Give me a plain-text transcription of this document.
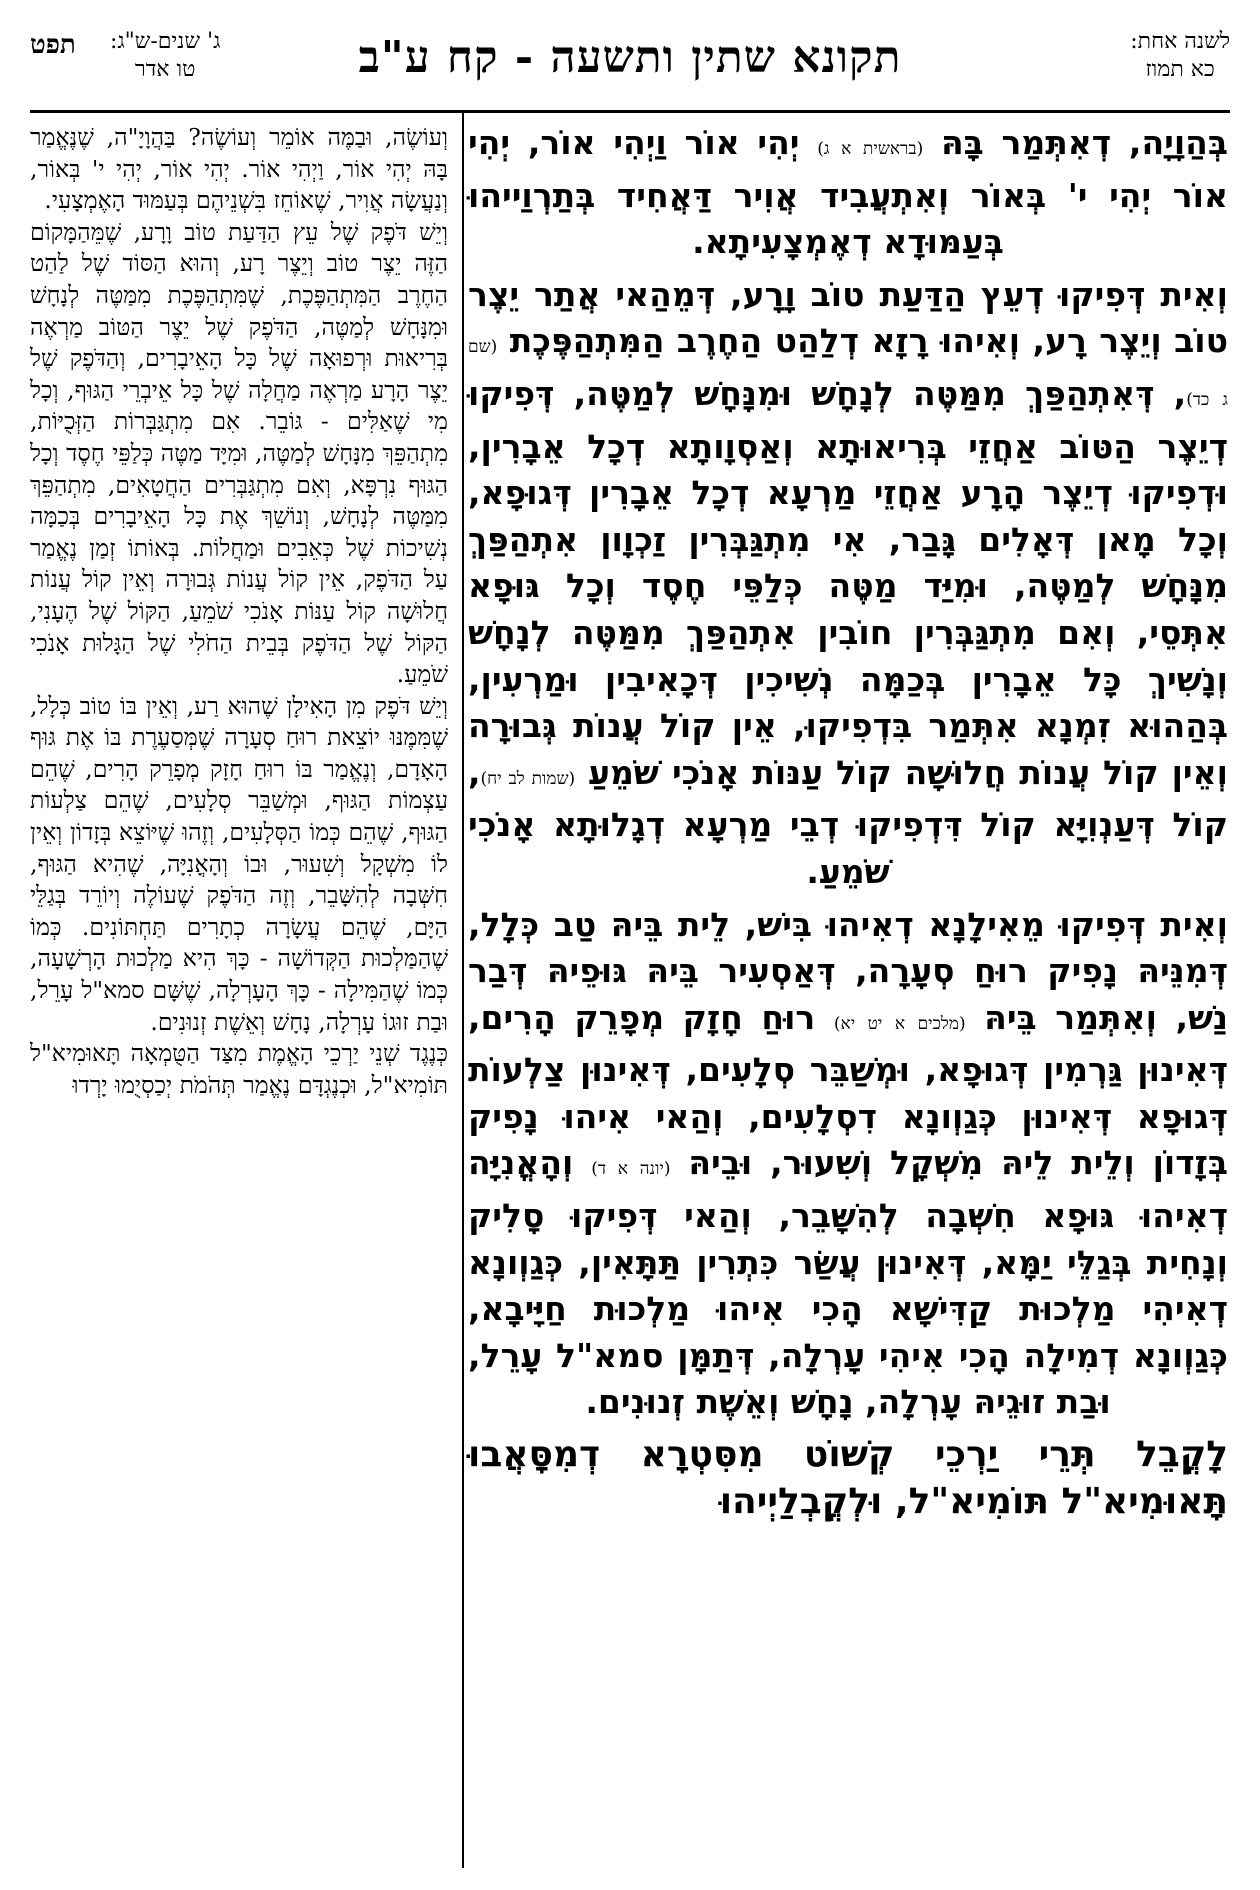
לשנה אחת:
כא תמוז
תקונא שתין ותשעה - קח ע"ב
ג' שנים-ש"ג:
טו אדר
תפט

בְּהַוָיָה, דְאִתְּמַר בָּהּ (בראשית א ג) יְהִי אוֹר וַיְהִי אוֹר, יְהִי אוֹר יְהִי י' בְּאוֹר וְאִתְעֲבִיד אֲוִיר דַּאֲחִיד בְּתַרְוַייהוּ בְּעַמּוּדָא דְאֶמְצָעִיתָא.

וְאִית דְּפִיקוּ דְעֵץ הַדַּעַת טוֹב וָרָע, דְּמֵהַאי אֲתַר יֵצֶר טוֹב וְיֵצֶר רָע, וְאִיהוּ רָזָא דְלַהַט הַחֶרֶב הַמִּתְהַפֶּכֶת (שם ג כד), דְּאִתְהַפַּךְ מִמַּטֶּה לְנָחָשׁ וּמִנָּחָשׁ לְמַטֶּה, דְּפִיקוּ דְיֵצֶר הַטּוֹב אַחֲזֵי בְּרִיאוּתָא וְאַסְוָותָא דְכָל אֵבָרִין, וּדְפִיקוּ דְיֵצֶר הָרָע אַחֲזֵי מַרְעָא דְכָל אֵבָרִין דְּגוּפָא, וְכָל מָאן דְּאָלִים גָּבַר, אִי מִתְגַּבְּרִין זַכְוָון אִתְהַפַּךְ מִנָּחָשׁ לְמַטֶּה, וּמִיַּד מַטֶּה כְּלַפֵּי חֶסֶד וְכָל גּוּפָא אִתְּסֵי, וְאִם מִתְגַּבְּרִין חוֹבִין אִתְהַפַּךְ מִמַּטֶּה לְנָחָשׁ וְנָשִׁיךְ כָּל אֵבָרִין בְּכַמָּה נְשִׁיכִין דְּכָאִיבִין וּמַרְעִין, בְּהַהוּא זִמְנָא אִתְּמַר בִּדְפִיקוּ, אֵין קוֹל עֲנוֹת גְּבוּרָה וְאֵין קוֹל עֲנוֹת חֲלוּשָׁה קוֹל עַנּוֹת אָנֹכִי שֹׁמֵעַ (שמות לב יח), קוֹל דְּעַנְוִיָּא קוֹל דִּדְפִיקוּ דְבֵי מַרְעָא דְגָלוּתָא אָנֹכִי שֹׁמֵעַ.

וְאִית דְּפִיקוּ מֵאִילָנָא דְאִיהוּ בִּישׁ, לֵית בֵּיהּ טַב כְּלָל, דְּמִנֵּיהּ נָפִיק רוּחַ סְעָרָה, דְּאַסְעִיר בֵּיהּ גּוּפֵיהּ דְּבַר נַשׁ, וְאִתְּמַר בֵּיהּ (מלכים א יט יא) רוּחַ חָזָק מְפָרֵק הָרִים, דְּאִינוּן גַּרְמִין דְּגוּפָא, וּמְשַׁבֵּר סְלָעִים, דְּאִינוּן צַלְעוֹת דְּגוּפָא דְּאִינוּן כְּגַוְונָא דִסְלָעִים, וְהַאי אִיהוּ נָפִיק בְּזָדוֹן וְלֵית לֵיהּ מִשְׁקָל וְשִׁעוּר, וּבֵיהּ (יונה א ד) וְהָאֳנִיָּה דְאִיהוּ גּוּפָא חִשְּׁבָה לְהִשָּׁבֵר, וְהַאי דְּפִיקוּ סָלִיק וְנָחִית בְּגַלֵּי יַמָּא, דְּאִינוּן עֲשַׂר כִּתְרִין תַּתָּאִין, כְּגַוְונָא דְאִיהִי מַלְכוּת קַדִּישָׁא הָכִי אִיהוּ מַלְכוּת חַיָּיבָא, כְּגַוְונָא דְמִילָה הָכִי אִיהִי עָרְלָה, דְּתַמָּן סמא"ל עָרֵל, וּבַת זוּגֵיהּ עָרְלָה, נָחָשׁ וְאֵשֶׁת זְנוּנִים.

לָקֳבֵל תְּרֵי יַרְכֵי קְשׁוֹט מִסִּטְרָא דְמִסָּאֲבוּ תָּאוּמִיא"ל תּוֹמִיא"ל, וּלְקֳבְלַיְיהוּ

וְעוֹשֶׂה, וּבַמֶּה אוֹמֵר וְעוֹשֶׂה? בַּהֲוָיָ"ה, שֶׁנֶּאֱמַר בָּהּ יְהִי אוֹר, וַיְהִי אוֹר. יְהִי אוֹר, יְהִי י' בְּאוֹר, וְנַעֲשָׂה אֲוִיר, שֶׁאוֹחֵז בִּשְׁנֵיהֶם בְּעַמּוּד הָאֶמְצָעִי.

וְיֵשׁ דֹּפֶק שֶׁל עֵץ הַדַּעַת טוֹב וָרָע, שֶׁמֵּהַמָּקוֹם הַזֶּה יֵצֶר טוֹב וְיֵצֶר רָע, וְהוּא הַסּוֹד שֶׁל לַהַט הַחֶרֶב הַמִּתְהַפֶּכֶת, שֶׁמִּתְהַפֶּכֶת מִמַּטֶּה לְנָחָשׁ וּמִנָּחָשׁ לְמַטֶּה, הַדֹּפֶק שֶׁל יֵצֶר הַטּוֹב מַרְאֶה בְּרִיאוּת וּרְפוּאָה שֶׁל כָּל הָאֵיבָרִים, וְהַדֹּפֶק שֶׁל יֵצֶר הָרָע מַרְאֶה מַחֲלָה שֶׁל כָּל אֵיבְרֵי הַגּוּף, וְכָל מִי שֶׁאַלִּים - גּוֹבֵר. אִם מִתְגַּבְּרוֹת הַזְּכֻיּוֹת, מִתְהַפֵּךְ מִנָּחָשׁ לְמַטֶּה, וּמִיָּד מַטֶּה כְּלַפֵּי חֶסֶד וְכָל הַגּוּף נִרְפָּא, וְאִם מִתְגַּבְּרִים הַחֲטָאִים, מִתְהַפֵּךְ מִמַּטֶּה לְנָחָשׁ, וְנוֹשֵׁךְ אֶת כָּל הָאֵיבָרִים בְּכַמָּה נְשִׁיכוֹת שֶׁל כְּאֵבִים וּמַחֲלוֹת. בְּאוֹתוֹ זְמַן נֶאֱמַר עַל הַדֹּפֶק, אֵין קוֹל עֲנוֹת גְּבוּרָה וְאֵין קוֹל עֲנוֹת חֲלוּשָׁה קוֹל עַנּוֹת אָנֹכִי שֹׁמֵעַ, הַקּוֹל שֶׁל הֶעָנִי, הַקּוֹל שֶׁל הַדֹּפֶק בְּבֵית הַחֹלִי שֶׁל הַגָּלוּת אָנֹכִי שֹׁמֵעַ.

וְיֵשׁ דֹּפֶק מִן הָאִילָן שֶׁהוּא רַע, וְאֵין בּוֹ טוֹב כְּלָל, שֶׁמִּמֶּנּוּ יוֹצֵאת רוּחַ סְעָרָה שֶׁמְּסַעֶרֶת בּוֹ אֶת גּוּף הָאָדָם, וְנֶאֱמַר בּוֹ רוּחַ חָזָק מְפָרֵק הָרִים, שֶׁהֵם עַצְמוֹת הַגּוּף, וּמְשַׁבֵּר סְלָעִים, שֶׁהֵם צַלְעוֹת הַגּוּף, שֶׁהֵם כְּמוֹ הַסְּלָעִים, וְזֶהוּ שֶׁיּוֹצֵא בְּזָדוֹן וְאֵין לוֹ מִשְׁקָל וְשִׁעוּר, וּבוֹ וְהָאֳנִיָּה, שֶׁהִיא הַגּוּף, חִשְּׁבָה לְהִשָּׁבֵר, וְזֶה הַדֹּפֶק שֶׁעוֹלֶה וְיוֹרֵד בְּגַלֵּי הַיָּם, שֶׁהֵם עֲשָׂרָה כְתָרִים תַּחְתּוֹנִים. כְּמוֹ שֶׁהַמַּלְכוּת הַקְּדוֹשָׁה - כָּךְ הִיא מַלְכוּת הָרְשָׁעָה, כְּמוֹ שֶׁהַמִּילָה - כָּךְ הָעָרְלָה, שֶׁשָּׁם סמא"ל עָרֵל, וּבַת זוּגוֹ עָרְלָה, נָחָשׁ וְאֵשֶׁת זְנוּנִים.

כְּנֶגֶד שְׁנֵי יַרְכֵי הָאֱמֶת מִצַּד הַטֻּמְאָה תָּאוּמִיא"ל תּוֹמִיא"ל, וּכְנֶגְדָּם נֶאֱמַר תְּהֹמֹת יְכַסְיֻמוּ יָרְדוּ
